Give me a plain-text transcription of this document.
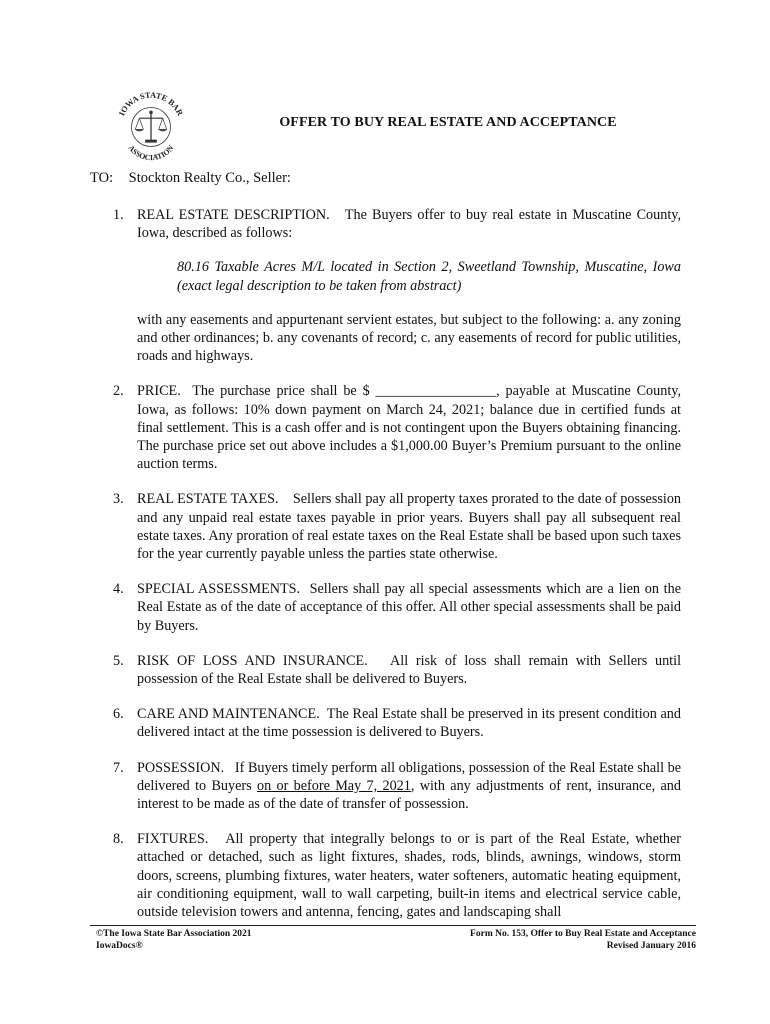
IOWA STATE BAR
ASSOCIATION
OFFER TO BUY REAL ESTATE AND ACCEPTANCE
TO: Stockton Realty Co., Seller:
1. REAL ESTATE DESCRIPTION. The Buyers offer to buy real estate in Muscatine County, Iowa, described as follows:

80.16 Taxable Acres M/L located in Section 2, Sweetland Township, Muscatine, Iowa (exact legal description to be taken from abstract)

with any easements and appurtenant servient estates, but subject to the following: a. any zoning and other ordinances; b. any covenants of record; c. any easements of record for public utilities, roads and highways.

2. PRICE. The purchase price shall be $ _________________, payable at Muscatine County, Iowa, as follows: 10% down payment on March 24, 2021; balance due in certified funds at final settlement. This is a cash offer and is not contingent upon the Buyers obtaining financing. The purchase price set out above includes a $1,000.00 Buyer’s Premium pursuant to the online auction terms.

3. REAL ESTATE TAXES. Sellers shall pay all property taxes prorated to the date of possession and any unpaid real estate taxes payable in prior years. Buyers shall pay all subsequent real estate taxes. Any proration of real estate taxes on the Real Estate shall be based upon such taxes for the year currently payable unless the parties state otherwise.

4. SPECIAL ASSESSMENTS. Sellers shall pay all special assessments which are a lien on the Real Estate as of the date of acceptance of this offer. All other special assessments shall be paid by Buyers.

5. RISK OF LOSS AND INSURANCE. All risk of loss shall remain with Sellers until possession of the Real Estate shall be delivered to Buyers.

6. CARE AND MAINTENANCE. The Real Estate shall be preserved in its present condition and delivered intact at the time possession is delivered to Buyers.

7. POSSESSION. If Buyers timely perform all obligations, possession of the Real Estate shall be delivered to Buyers on or before May 7, 2021, with any adjustments of rent, insurance, and interest to be made as of the date of transfer of possession.

8. FIXTURES. All property that integrally belongs to or is part of the Real Estate, whether attached or detached, such as light fixtures, shades, rods, blinds, awnings, windows, storm doors, screens, plumbing fixtures, water heaters, water softeners, automatic heating equipment, air conditioning equipment, wall to wall carpeting, built-in items and electrical service cable, outside television towers and antenna, fencing, gates and landscaping shall

©The Iowa State Bar Association 2021
IowaDocs®
Form No. 153, Offer to Buy Real Estate and Acceptance
Revised January 2016
